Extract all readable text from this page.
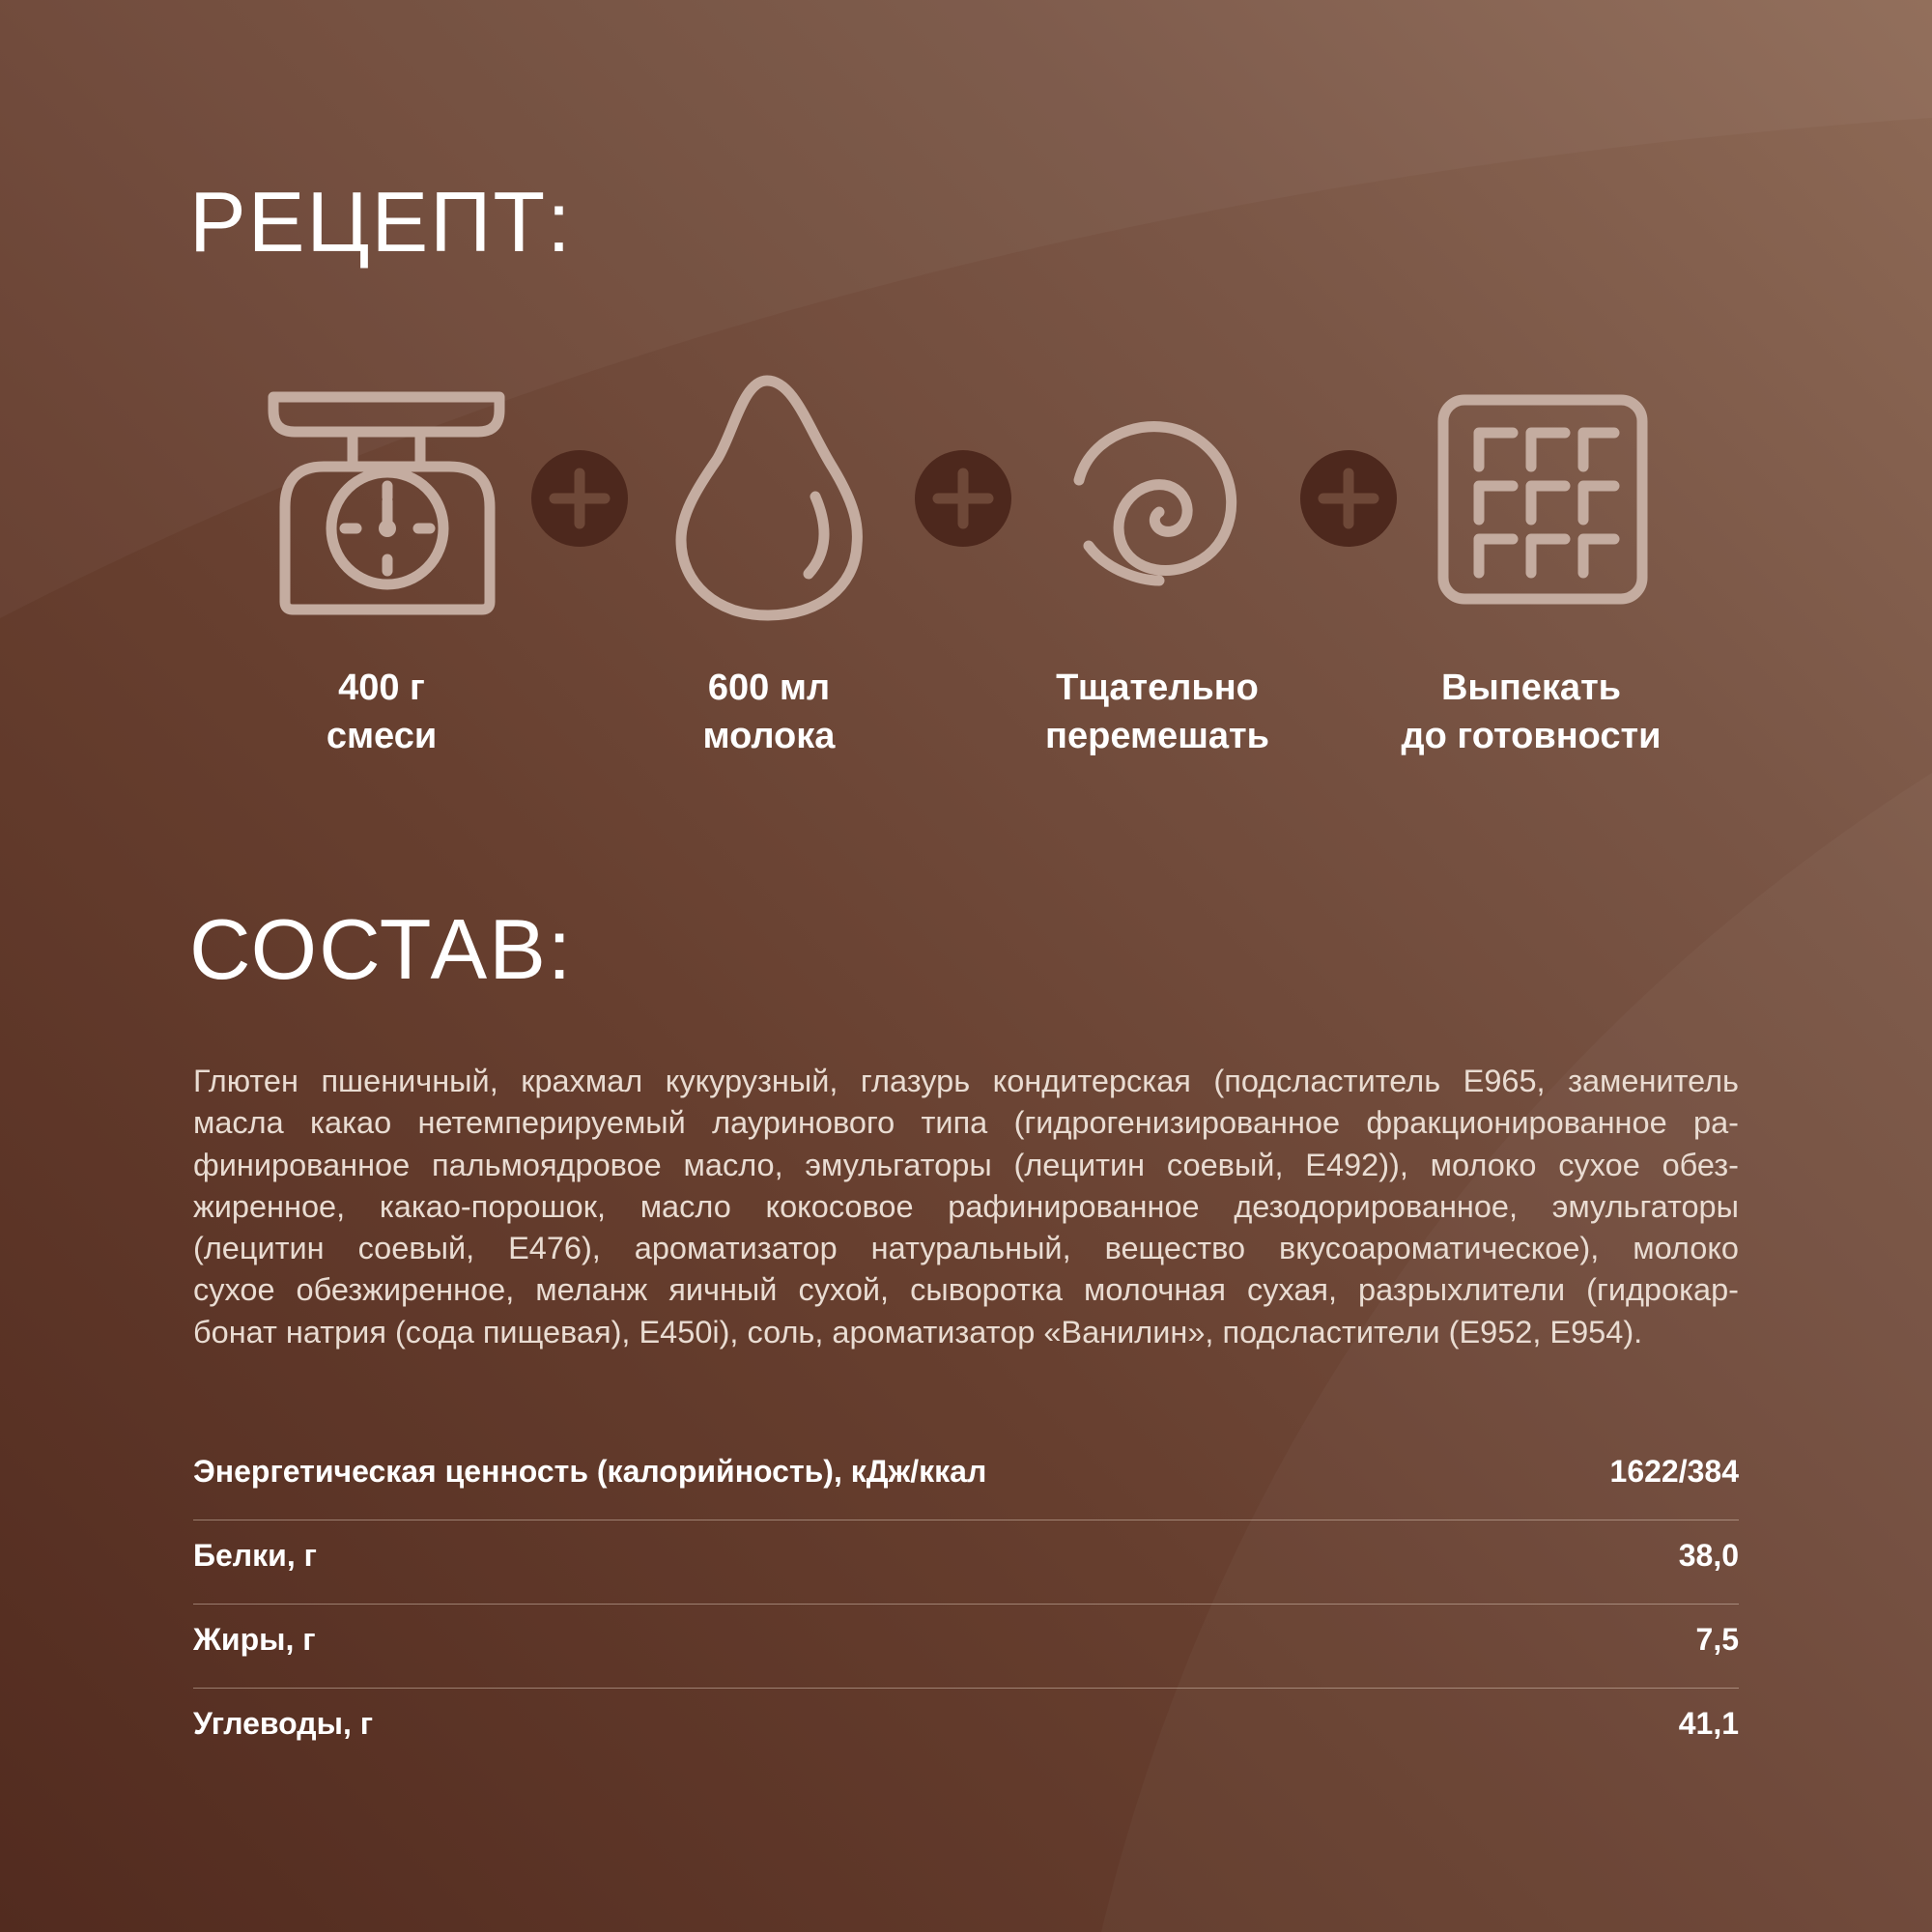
РЕЦЕПТ:
400 г
смеси
600 мл
молока
Тщательно
перемешать
Выпекать
до готовности
СОСТАВ:

Глютен пшеничный, крахмал кукурузный, глазурь кондитерская (подсластитель Е965, заменитель
масла какао нетемперируемый лауринового типа (гидрогенизированное фракционированное ра-
финированное пальмоядровое масло, эмульгаторы (лецитин соевый, Е492)), молоко сухое обез-
жиренное, какао-порошок, масло кокосовое рафинированное дезодорированное, эмульгаторы
(лецитин соевый, Е476), ароматизатор натуральный, вещество вкусоароматическое), молоко
сухое обезжиренное, меланж яичный сухой, сыворотка молочная сухая, разрыхлители (гидрокар-
бонат натрия (сода пищевая), Е450i), соль, ароматизатор «Ванилин», подсластители (Е952, Е954).

Энергетическая ценность (калорийность), кДж/ккал	1622/384
Белки, г	38,0
Жиры, г	7,5
Углеводы, г	41,1
